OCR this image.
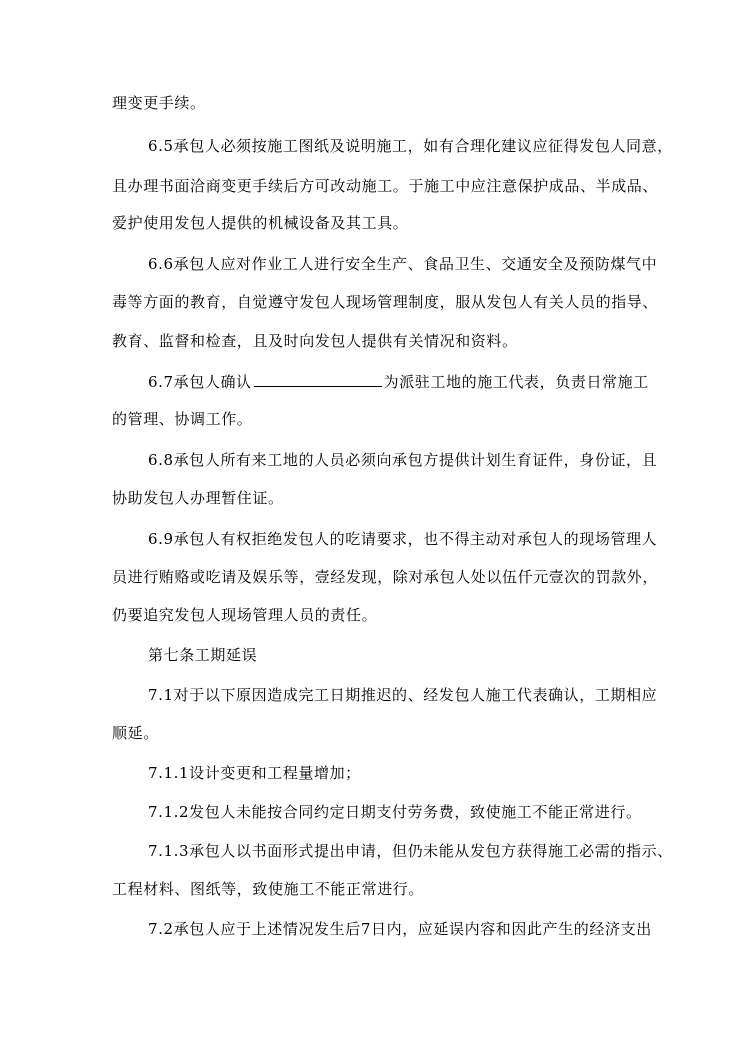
理变更手续。
6.5承包人必须按施工图纸及说明施工，如有合理化建议应征得发包人同意，
且办理书面洽商变更手续后方可改动施工。于施工中应注意保护成品、半成品、
爱护使用发包人提供的机械设备及其工具。
6.6承包人应对作业工人进行安全生产、食品卫生、交通安全及预防煤气中
毒等方面的教育，自觉遵守发包人现场管理制度，服从发包人有关人员的指导、
教育、监督和检查，且及时向发包人提供有关情况和资料。
6.7承包人确认	为派驻工地的施工代表，负责日常施工
的管理、协调工作。
6.8承包人所有来工地的人员必须向承包方提供计划生育证件，身份证，且
协助发包人办理暂住证。
6.9承包人有权拒绝发包人的吃请要求，也不得主动对承包人的现场管理人
员进行贿赂或吃请及娱乐等，壹经发现，除对承包人处以伍仟元壹次的罚款外，
仍要追究发包人现场管理人员的责任。
第七条工期延误
7.1对于以下原因造成完工日期推迟的、经发包人施工代表确认，工期相应
顺延。
7.1.1设计变更和工程量增加；
7.1.2发包人未能按合同约定日期支付劳务费，致使施工不能正常进行。
7.1.3承包人以书面形式提出申请，但仍未能从发包方获得施工必需的指示、
工程材料、图纸等，致使施工不能正常进行。
7.2承包人应于上述情况发生后7日内，应延误内容和因此产生的经济支出
